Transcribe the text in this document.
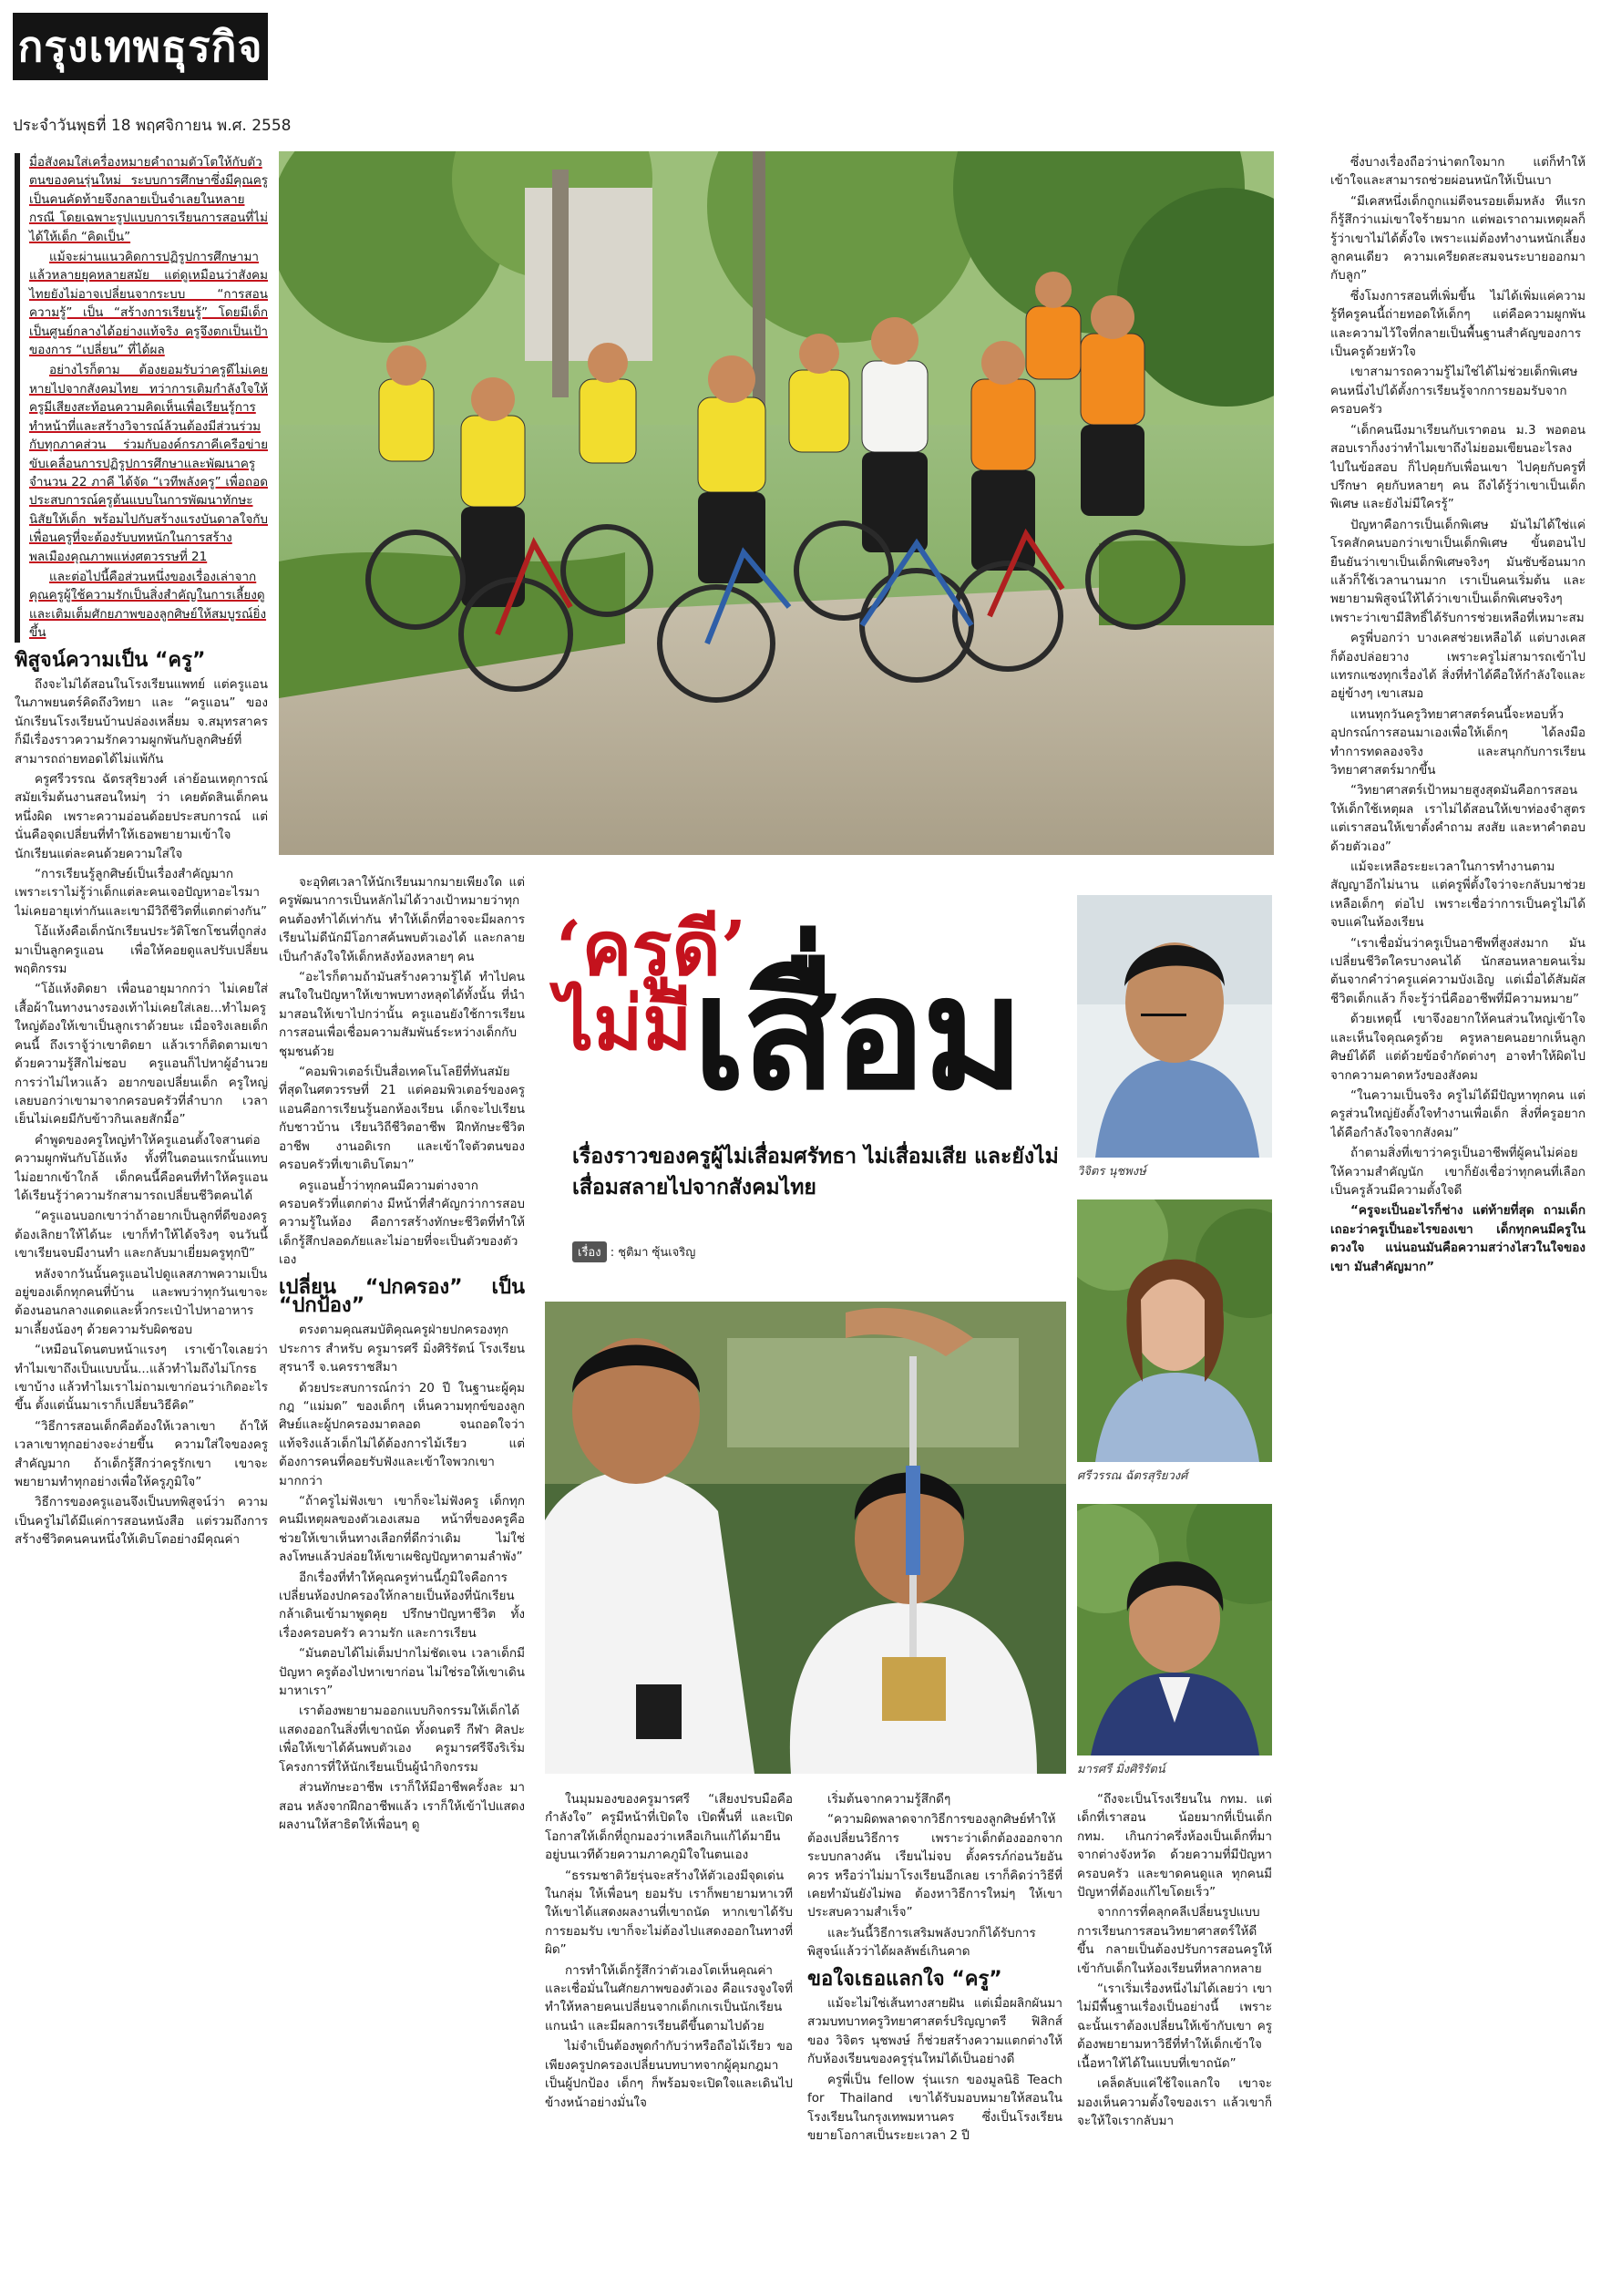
กรุงเทพธุรกิจ
ประจำวันพุธที่ 18 พฤศจิกายน พ.ศ. 2558

มื่อสังคมใส่เครื่องหมายคำถามตัวโตให้กับตัวตนของคนรุ่นใหม่ ระบบการศึกษาซึ่งมีคุณครูเป็นคนคัดท้ายจึงกลายเป็นจำเลยในหลายกรณี โดยเฉพาะรูปแบบการเรียนการสอนที่ไม่ได้ให้เด็ก “คิดเป็น”

แม้จะผ่านแนวคิดการปฏิรูปการศึกษามาแล้วหลายยุคหลายสมัย แต่ดูเหมือนว่าสังคมไทยยังไม่อาจเปลี่ยนจากระบบ “การสอนความรู้” เป็น “สร้างการเรียนรู้” โดยมีเด็กเป็นศูนย์กลางได้อย่างแท้จริง ครูจึงตกเป็นเป้าของการ “เปลี่ยน” ที่ได้ผล

อย่างไรก็ตาม ต้องยอมรับว่าครูดีไม่เคยหายไปจากสังคมไทย ทว่าการเติมกำลังใจให้ครูมีเสียงสะท้อนความคิดเห็นเพื่อเรียนรู้การทำหน้าที่และสร้างวิจารณ์ล้วนต้องมีส่วนร่วมกับทุกภาคส่วน ร่วมกับองค์กรภาคีเครือข่ายขับเคลื่อนการปฏิรูปการศึกษาและพัฒนาครูจำนวน 22 ภาคี ได้จัด “เวทีพลังครู” เพื่อถอดประสบการณ์ครูต้นแบบในการพัฒนาทักษะนิสัยให้เด็ก พร้อมไปกับสร้างแรงบันดาลใจกับเพื่อนครูที่จะต้องรับบทหนักในการสร้างพลเมืองคุณภาพแห่งศตวรรษที่ 21

และต่อไปนี้คือส่วนหนึ่งของเรื่องเล่าจากคุณครูผู้ใช้ความรักเป็นสิ่งสำคัญในการเลี้ยงดูและเติมเต็มศักยภาพของลูกศิษย์ให้สมบูรณ์ยิ่งขึ้น

พิสูจน์ความเป็น “ครู”

ถึงจะไม่ได้สอนในโรงเรียนแพทย์ แต่ครูแอนในภาพยนตร์คิดถึงวิทยา และ “ครูแอน” ของนักเรียนโรงเรียนบ้านปล่องเหลี่ยม จ.สมุทรสาคร ก็มีเรื่องราวความรักความผูกพันกับลูกศิษย์ที่สามารถถ่ายทอดได้ไม่แพ้กัน

ครูศรีวรรณ ฉัตรสุริยวงศ์ เล่าย้อนเหตุการณ์สมัยเริ่มต้นงานสอนใหม่ๆ ว่า เคยตัดสินเด็กคนหนึ่งผิด เพราะความอ่อนด้อยประสบการณ์ แต่นั่นคือจุดเปลี่ยนที่ทำให้เธอพยายามเข้าใจนักเรียนแต่ละคนด้วยความใส่ใจ

“การเรียนรู้ลูกศิษย์เป็นเรื่องสำคัญมาก เพราะเราไม่รู้ว่าเด็กแต่ละคนเจอปัญหาอะไรมา ไม่เคยอายุเท่ากันและเขามีวิถีชีวิตที่แตกต่างกัน”

โอ้แห้งคือเด็กนักเรียนประวัติโชกโชนที่ถูกส่งมาเป็นลูกครูแอน เพื่อให้คอยดูแลปรับเปลี่ยนพฤติกรรม

“โอ้แห้งติดยา เพื่อนอายุมากกว่า ไม่เคยใส่เสื้อผ้าในทางนางรองเท้าไม่เคยใส่เลย...ทำไมครูใหญ่ต้องให้เขาเป็นลูกเราด้วยนะ เมื่อจริงเลยเด็กคนนี้ ถึงเราจู้ว่าเขาติดยา แล้วเราก็ติดตามเขาด้วยความรู้สึกไม่ชอบ ครูแอนก็ไปหาผู้อำนวยการว่าไม่ไหวแล้ว อยากขอเปลี่ยนเด็ก ครูใหญ่เลยบอกว่าเขามาจากครอบครัวที่ลำบาก เวลาเย็นไม่เคยมีกับข้าวกินเลยสักมื้อ”

คำพูดของครูใหญ่ทำให้ครูแอนตั้งใจสานต่อความผูกพันกับโอ้แห้ง ทั้งที่ในตอนแรกนั้นแทบไม่อยากเข้าใกล้ เด็กคนนี้คือคนที่ทำให้ครูแอนได้เรียนรู้ว่าความรักสามารถเปลี่ยนชีวิตคนได้

“ครูแอนบอกเขาว่าถ้าอยากเป็นลูกที่ดีของครู ต้องเลิกยาให้ได้นะ เขาก็ทำให้ได้จริงๆ จนวันนี้เขาเรียนจบมีงานทำ และกลับมาเยี่ยมครูทุกปี”

หลังจากวันนั้นครูแอนไปดูแลสภาพความเป็นอยู่ของเด็กทุกคนที่บ้าน และพบว่าทุกวันเขาจะต้องนอนกลางแดดและหิ้วกระเป๋าไปหาอาหารมาเลี้ยงน้องๆ ด้วยความรับผิดชอบ

“เหมือนโดนตบหน้าแรงๆ เราเข้าใจเลยว่าทำไมเขาถึงเป็นแบบนั้น...แล้วทำไมถึงไม่โกรธเขาบ้าง แล้วทำไมเราไม่ถามเขาก่อนว่าเกิดอะไรขึ้น ตั้งแต่นั้นมาเราก็เปลี่ยนวิธีคิด”

“วิธีการสอนเด็กคือต้องให้เวลาเขา ถ้าให้เวลาเขาทุกอย่างจะง่ายขึ้น ความใส่ใจของครูสำคัญมาก ถ้าเด็กรู้สึกว่าครูรักเขา เขาจะพยายามทำทุกอย่างเพื่อให้ครูภูมิใจ”

วิธีการของครูแอนจึงเป็นบทพิสูจน์ว่า ความเป็นครูไม่ได้มีแค่การสอนหนังสือ แต่รวมถึงการสร้างชีวิตคนคนหนึ่งให้เติบโตอย่างมีคุณค่า

‘ครูดี’
ไม่มี เสื่อม
เรื่องราวของครูผู้ไม่เสื่อมศรัทธา ไม่เสื่อมเสีย และยังไม่เสื่อมสลายไปจากสังคมไทย
เรื่อง : ชุติมา ซุ้นเจริญ
วิจิตร นุชพงษ์
ศรีวรรณ ฉัตรสุริยวงศ์
มารศรี มิ่งศิริรัตน์

จะอุทิศเวลาให้นักเรียนมากมายเพียงใด แต่ครูพัฒนาการเป็นหลักไม่ได้วางเป้าหมายว่าทุกคนต้องทำได้เท่ากัน ทำให้เด็กที่อาจจะมีผลการเรียนไม่ดีนักมีโอกาสค้นพบตัวเองได้ และกลายเป็นกำลังใจให้เด็กหลังห้องหลายๆ คน

“อะไรก็ตามถ้ามันสร้างความรู้ได้ ทำไปคนสนใจในปัญหาให้เขาพบทางหลุดได้ทั้งนั้น ที่นำมาสอนให้เขาไปกว่านั้น ครูแอนยังใช้การเรียนการสอนเพื่อเชื่อมความสัมพันธ์ระหว่างเด็กกับชุมชนด้วย

“คอมพิวเตอร์เป็นสื่อเทคโนโลยีที่ทันสมัยที่สุดในศตวรรษที่ 21 แต่คอมพิวเตอร์ของครูแอนคือการเรียนรู้นอกห้องเรียน เด็กจะไปเรียนกับชาวบ้าน เรียนวิถีชีวิตอาชีพ ฝึกทักษะชีวิต อาชีพ งานอดิเรก และเข้าใจตัวตนของครอบครัวที่เขาเติบโตมา”

ครูแอนย้ำว่าทุกคนมีความต่างจากครอบครัวที่แตกต่าง มีหน้าที่สำคัญกว่าการสอบความรู้ในห้อง คือการสร้างทักษะชีวิตที่ทำให้เด็กรู้สึกปลอดภัยและไม่อายที่จะเป็นตัวของตัวเอง

เปลี่ยน “ปกครอง” เป็น “ปกป้อง”

ตรงตามคุณสมบัติคุณครูฝ่ายปกครองทุกประการ สำหรับ ครูมารศรี มิ่งศิริรัตน์ โรงเรียนสุรนารี จ.นครราชสีมา

ด้วยประสบการณ์กว่า 20 ปี ในฐานะผู้คุมกฎ “แม่มด” ของเด็กๆ เห็นความทุกข์ของลูกศิษย์และผู้ปกครองมาตลอด จนถอดใจว่าแท้จริงแล้วเด็กไม่ได้ต้องการไม้เรียว แต่ต้องการคนที่คอยรับฟังและเข้าใจพวกเขามากกว่า

“ถ้าครูไม่ฟังเขา เขาก็จะไม่ฟังครู เด็กทุกคนมีเหตุผลของตัวเองเสมอ หน้าที่ของครูคือช่วยให้เขาเห็นทางเลือกที่ดีกว่าเดิม ไม่ใช่ลงโทษแล้วปล่อยให้เขาเผชิญปัญหาตามลำพัง”

อีกเรื่องที่ทำให้คุณครูท่านนี้ภูมิใจคือการเปลี่ยนห้องปกครองให้กลายเป็นห้องที่นักเรียนกล้าเดินเข้ามาพูดคุย ปรึกษาปัญหาชีวิต ทั้งเรื่องครอบครัว ความรัก และการเรียน

“มันตอบได้ไม่เต็มปากไม่ชัดเจน เวลาเด็กมีปัญหา ครูต้องไปหาเขาก่อน ไม่ใช่รอให้เขาเดินมาหาเรา”

เราต้องพยายามออกแบบกิจกรรมให้เด็กได้แสดงออกในสิ่งที่เขาถนัด ทั้งดนตรี กีฬา ศิลปะ เพื่อให้เขาได้ค้นพบตัวเอง ครูมารศรีจึงริเริ่มโครงการที่ให้นักเรียนเป็นผู้นำกิจกรรม

ส่วนทักษะอาชีพ เราก็ให้มีอาชีพครั้งละ มาสอน หลังจากฝึกอาชีพแล้ว เราก็ให้เข้าไปแสดงผลงานให้สาธิตให้เพื่อนๆ ดู

ในมุมมองของครูมารศรี “เสียงปรบมือคือกำลังใจ” ครูมีหน้าที่เปิดใจ เปิดพื้นที่ และเปิดโอกาสให้เด็กที่ถูกมองว่าเหลือเกินแก้ได้มายืนอยู่บนเวทีด้วยความภาคภูมิใจในตนเอง

“ธรรมชาติวัยรุ่นจะสร้างให้ตัวเองมีจุดเด่นในกลุ่ม ให้เพื่อนๆ ยอมรับ เราก็พยายามหาเวทีให้เขาได้แสดงผลงานที่เขาถนัด หากเขาได้รับการยอมรับ เขาก็จะไม่ต้องไปแสดงออกในทางที่ผิด”

การทำให้เด็กรู้สึกว่าตัวเองโตเห็นคุณค่าและเชื่อมั่นในศักยภาพของตัวเอง คือแรงจูงใจที่ทำให้หลายคนเปลี่ยนจากเด็กเกเรเป็นนักเรียนแกนนำ และมีผลการเรียนดีขึ้นตามไปด้วย

ไม่จำเป็นต้องพูดกำกับว่าหรือถือไม้เรียว ขอเพียงครูปกครองเปลี่ยนบทบาทจากผู้คุมกฎมาเป็นผู้ปกป้อง เด็กๆ ก็พร้อมจะเปิดใจและเดินไปข้างหน้าอย่างมั่นใจ

เริ่มต้นจากความรู้สึกดีๆ

“ความผิดพลาดจากวิธีการของลูกศิษย์ทำให้ต้องเปลี่ยนวิธีการ เพราะว่าเด็กต้องออกจากระบบกลางคัน เรียนไม่จบ ตั้งครรภ์ก่อนวัยอันควร หรือว่าไม่มาโรงเรียนอีกเลย เราก็คิดว่าวิธีที่เคยทำมันยังไม่พอ ต้องหาวิธีการใหม่ๆ ให้เขาประสบความสำเร็จ”

และวันนี้วิธีการเสริมพลังบวกก็ได้รับการพิสูจน์แล้วว่าได้ผลลัพธ์เกินคาด

ขอใจเธอแลกใจ “ครู”

แม้จะไม่ใช่เส้นทางสายฝัน แต่เมื่อผลิกผันมาสวมบทบาทครูวิทยาศาสตร์ปริญญาตรี ฟิสิกส์ ของ วิจิตร นุชพงษ์ ก็ช่วยสร้างความแตกต่างให้กับห้องเรียนของครูรุ่นใหม่ได้เป็นอย่างดี

ครูพี่เป็น fellow รุ่นแรก ของมูลนิธิ Teach for Thailand เขาได้รับมอบหมายให้สอนในโรงเรียนในกรุงเทพมหานคร ซึ่งเป็นโรงเรียนขยายโอกาสเป็นระยะเวลา 2 ปี

“ถึงจะเป็นโรงเรียนใน กทม. แต่เด็กที่เราสอน น้อยมากที่เป็นเด็ก กทม. เกินกว่าครึ่งห้องเป็นเด็กที่มาจากต่างจังหวัด ด้วยความที่มีปัญหาครอบครัว และขาดคนดูแล ทุกคนมีปัญหาที่ต้องแก้ไขโดยเร็ว”

จากการที่คลุกคลีเปลี่ยนรูปแบบการเรียนการสอนวิทยาศาสตร์ให้ดีขึ้น กลายเป็นต้องปรับการสอนครูให้เข้ากับเด็กในห้องเรียนที่หลากหลาย

“เราเริ่มเรื่องหนึ่งไม่ได้เลยว่า เขาไม่มีพื้นฐานเรื่องเป็นอย่างนี้ เพราะฉะนั้นเราต้องเปลี่ยนให้เข้ากับเขา ครูต้องพยายามหาวิธีที่ทำให้เด็กเข้าใจเนื้อหาให้ได้ในแบบที่เขาถนัด”

เคล็ดลับแค่ใช้ใจแลกใจ เขาจะมองเห็นความตั้งใจของเรา แล้วเขาก็จะให้ใจเรากลับมา

ซึ่งบางเรื่องถือว่าน่าตกใจมาก แต่ก็ทำให้เข้าใจและสามารถช่วยผ่อนหนักให้เป็นเบา

“มีเคสหนึ่งเด็กถูกแม่ตีจนรอยเต็มหลัง ทีแรกก็รู้สึกว่าแม่เขาใจร้ายมาก แต่พอเราถามเหตุผลก็รู้ว่าเขาไม่ได้ตั้งใจ เพราะแม่ต้องทำงานหนักเลี้ยงลูกคนเดียว ความเครียดสะสมจนระบายออกมากับลูก”

ซึ่งโมงการสอนที่เพิ่มขึ้น ไม่ได้เพิ่มแค่ความรู้ทีครูคนนี้ถ่ายทอดให้เด็กๆ แต่คือความผูกพันและความไว้ใจที่กลายเป็นพื้นฐานสำคัญของการเป็นครูด้วยหัวใจ

เขาสามารถความรู้ไม่ใช่ได้ไม่ช่วยเด็กพิเศษคนหนึ่งไปได้ตั้งการเรียนรู้จากการยอมรับจากครอบครัว

“เด็กคนนึงมาเรียนกับเราตอน ม.3 พอตอนสอบเราก็งงว่าทำไมเขาถึงไม่ยอมเขียนอะไรลงไปในข้อสอบ ก็ไปคุยกับเพื่อนเขา ไปคุยกับครูที่ปรึกษา คุยกับหลายๆ คน ถึงได้รู้ว่าเขาเป็นเด็กพิเศษ และยังไม่มีใครรู้”

ปัญหาคือการเป็นเด็กพิเศษ มันไม่ได้ใช่แค่โรคสักคนบอกว่าเขาเป็นเด็กพิเศษ ขั้นตอนไปยืนยันว่าเขาเป็นเด็กพิเศษจริงๆ มันซับซ้อนมาก แล้วก็ใช้เวลานานมาก เราเป็นคนเริ่มต้น และพยายามพิสูจน์ให้ได้ว่าเขาเป็นเด็กพิเศษจริงๆ เพราะว่าเขามีสิทธิ์ได้รับการช่วยเหลือที่เหมาะสม

ครูพี่บอกว่า บางเคสช่วยเหลือได้ แต่บางเคสก็ต้องปล่อยวาง เพราะครูไม่สามารถเข้าไปแทรกแซงทุกเรื่องได้ สิ่งที่ทำได้คือให้กำลังใจและอยู่ข้างๆ เขาเสมอ

แหนทุกวันครูวิทยาศาสตร์คนนี้จะหอบหิ้วอุปกรณ์การสอนมาเองเพื่อให้เด็กๆ ได้ลงมือทำการทดลองจริง และสนุกกับการเรียนวิทยาศาสตร์มากขึ้น

“วิทยาศาสตร์เป้าหมายสูงสุดมันคือการสอนให้เด็กใช้เหตุผล เราไม่ได้สอนให้เขาท่องจำสูตร แต่เราสอนให้เขาตั้งคำถาม สงสัย และหาคำตอบด้วยตัวเอง”

แม้จะเหลือระยะเวลาในการทำงานตามสัญญาอีกไม่นาน แต่ครูพี่ตั้งใจว่าจะกลับมาช่วยเหลือเด็กๆ ต่อไป เพราะเชื่อว่าการเป็นครูไม่ได้จบแค่ในห้องเรียน

“เราเชื่อมั่นว่าครูเป็นอาชีพที่สูงส่งมาก มันเปลี่ยนชีวิตใครบางคนได้ นักสอนหลายคนเริ่มต้นจากคำว่าครูแค่ความบังเอิญ แต่เมื่อได้สัมผัสชีวิตเด็กแล้ว ก็จะรู้ว่านี่คืออาชีพที่มีความหมาย”

ด้วยเหตุนี้ เขาจึงอยากให้คนส่วนใหญ่เข้าใจและเห็นใจคุณครูด้วย ครูหลายคนอยากเห็นลูกศิษย์ได้ดี แต่ด้วยข้อจำกัดต่างๆ อาจทำให้ผิดไปจากความคาดหวังของสังคม

“ในความเป็นจริง ครูไม่ได้มีปัญหาทุกคน แต่ครูส่วนใหญ่ยังตั้งใจทำงานเพื่อเด็ก สิ่งที่ครูอยากได้คือกำลังใจจากสังคม”

ถ้าตามสิ่งที่เขาว่าครูเป็นอาชีพที่ผู้คนไม่ค่อยให้ความสำคัญนัก เขาก็ยังเชื่อว่าทุกคนที่เลือกเป็นครูล้วนมีความตั้งใจดี

“ครูจะเป็นอะไรก็ช่าง แต่ท้ายที่สุด ถามเด็กเถอะว่าครูเป็นอะไรของเขา เด็กทุกคนมีครูในดวงใจ แน่นอนมันคือความสว่างไสวในใจของเขา มันสำคัญมาก”
